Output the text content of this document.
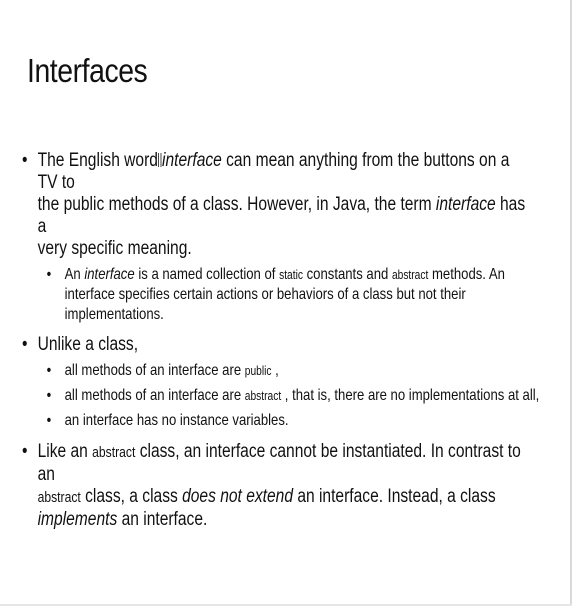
Interfaces
• The English word interface can mean anything from the buttons on a TV to
the public methods of a class. However, in Java, the term interface has a
very specific meaning.
• An interface is a named collection of static constants and abstract methods. An
interface specifies certain actions or behaviors of a class but not their
implementations.
• Unlike a class,
• all methods of an interface are public ,
• all methods of an interface are abstract , that is, there are no implementations at all,
• an interface has no instance variables.
• Like an abstract class, an interface cannot be instantiated. In contrast to an
abstract class, a class does not extend an interface. Instead, a class
implements an interface.
